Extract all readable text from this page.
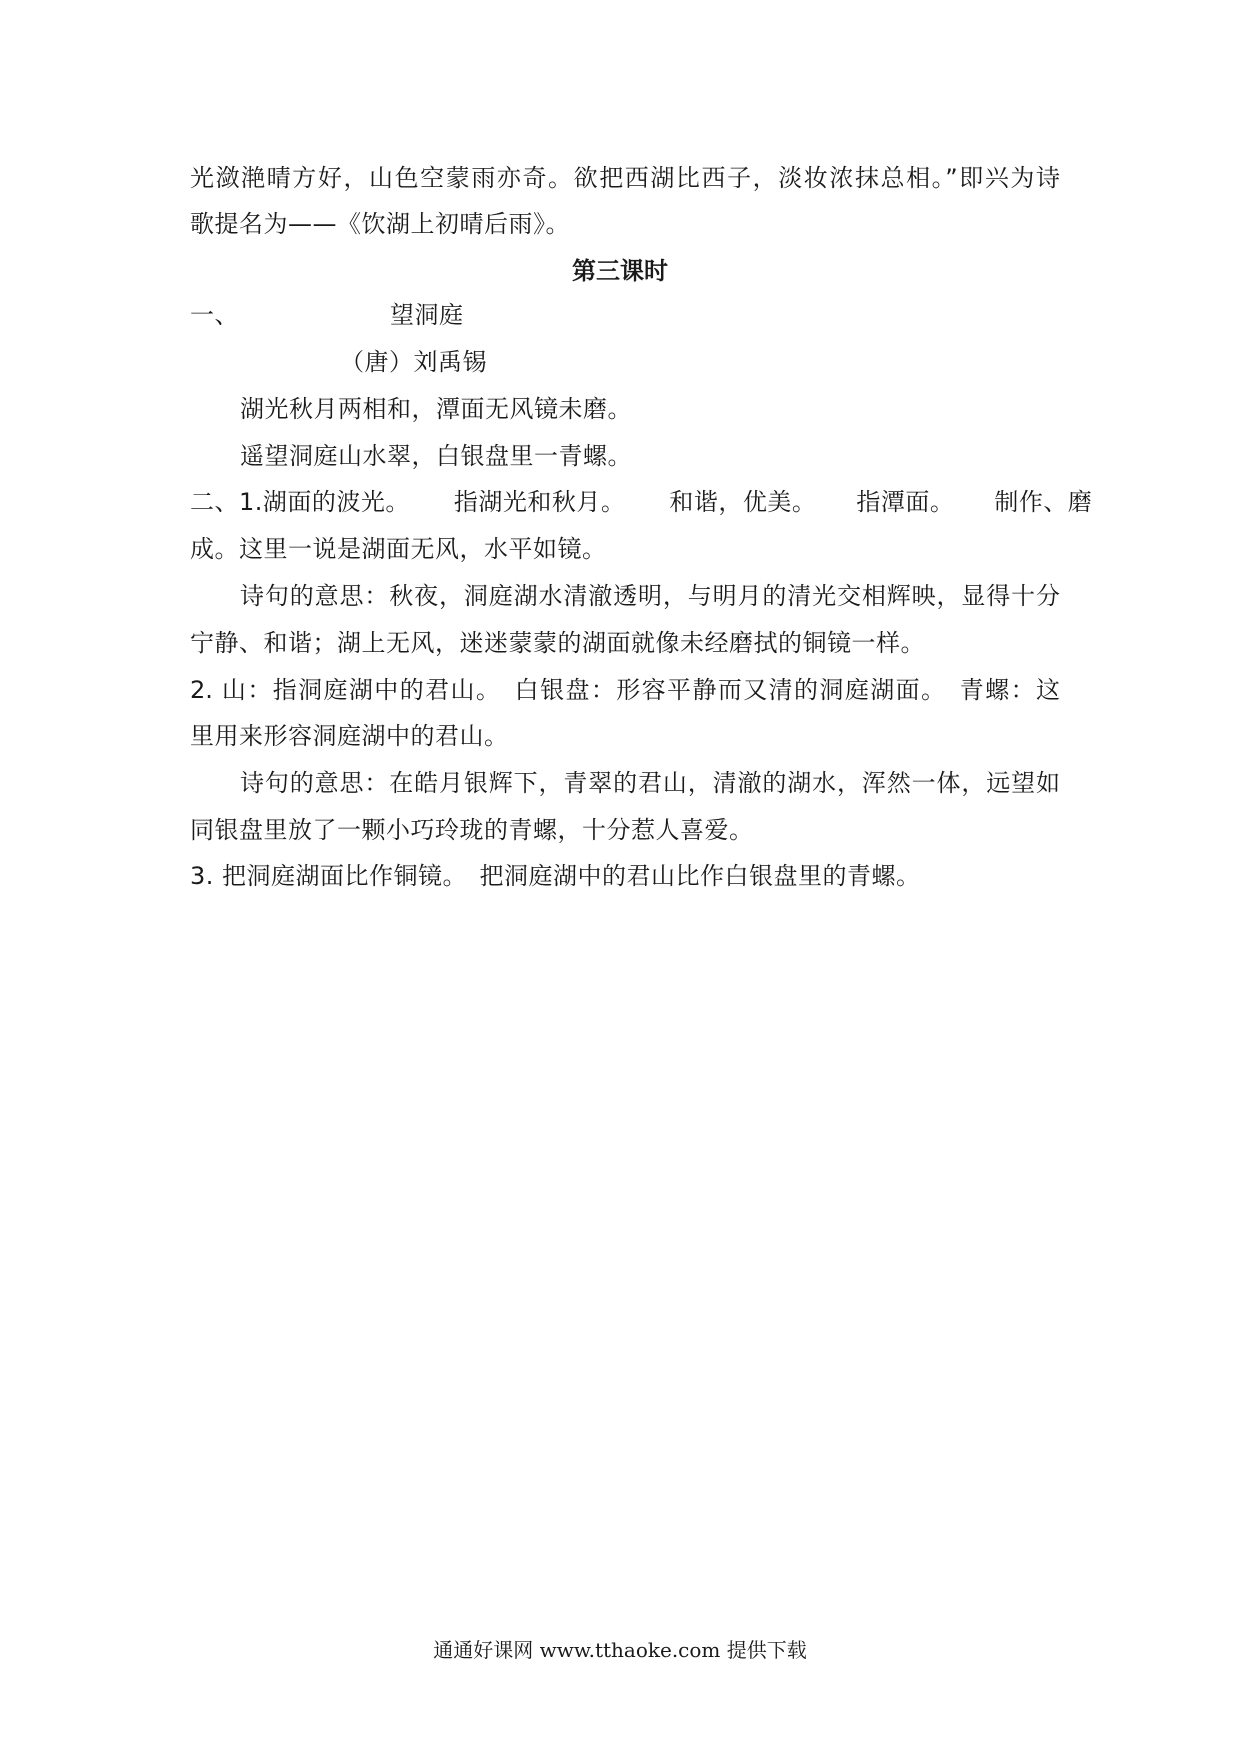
光潋滟晴方好，山色空蒙雨亦奇。欲把西湖比西子，淡妆浓抹总相。”即兴为诗
歌提名为——《饮湖上初晴后雨》。
第三课时
一、	望洞庭
（唐）刘禹锡
湖光秋月两相和，潭面无风镜未磨。
遥望洞庭山水翠，白银盘里一青螺。
二、1.湖面的波光。 指湖光和秋月。 和谐，优美。 指潭面。 制作、磨
成。这里一说是湖面无风，水平如镜。
诗句的意思：秋夜，洞庭湖水清澈透明，与明月的清光交相辉映，显得十分
宁静、和谐；湖上无风，迷迷蒙蒙的湖面就像未经磨拭的铜镜一样。
2. 山：指洞庭湖中的君山。　白银盘：形容平静而又清的洞庭湖面。　青螺：这
里用来形容洞庭湖中的君山。
诗句的意思：在皓月银辉下，青翠的君山，清澈的湖水，浑然一体，远望如
同银盘里放了一颗小巧玲珑的青螺，十分惹人喜爱。
3. 把洞庭湖面比作铜镜。　把洞庭湖中的君山比作白银盘里的青螺。
通通好课网 www.tthaoke.com 提供下载
